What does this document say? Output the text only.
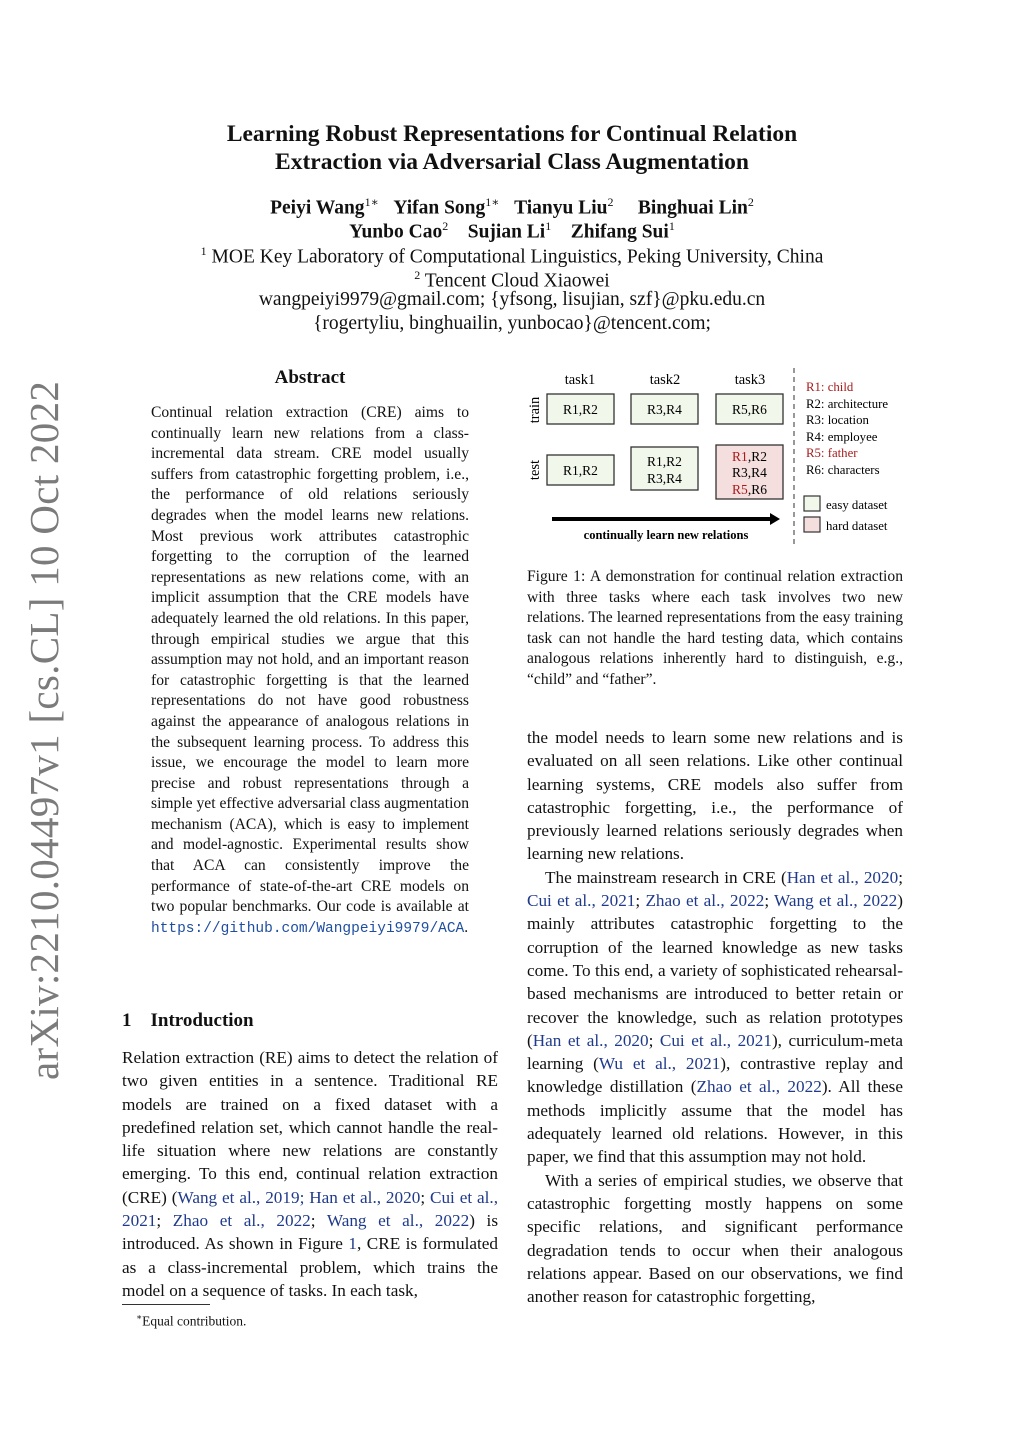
arXiv:2210.04497v1 [cs.CL] 10 Oct 2022
Learning Robust Representations for Continual Relation
Extraction via Adversarial Class Augmentation
Peiyi Wang$^{1∗}$ Yifan Song$^{1∗}$ Tianyu Liu$^2$ Binghuai Lin$^2$
Yunbo Cao$^2$ Sujian Li$^1$ Zhifang Sui$^1$
$^1$ MOE Key Laboratory of Computational Linguistics, Peking University, China
$^2$ Tencent Cloud Xiaowei
wangpeiyi9979@gmail.com; {yfsong, lisujian, szf}@pku.edu.cn
{rogertyliu, binghuailin, yunbocao}@tencent.com;
Abstract
Continual relation extraction (CRE) aims to continually learn new relations from a class-incremental data stream. CRE model usually suffers from catastrophic forgetting problem, i.e., the performance of old relations seriously degrades when the model learns new relations. Most previous work attributes catastrophic forgetting to the corruption of the learned representations as new relations come, with an implicit assumption that the CRE models have adequately learned the old relations. In this paper, through empirical studies we argue that this assumption may not hold, and an important reason for catastrophic forgetting is that the learned representations do not have good robustness against the appearance of analogous relations in the subsequent learning process. To address this issue, we encourage the model to learn more precise and robust representations through a simple yet effective adversarial class augmentation mechanism (ACA), which is easy to implement and model-agnostic. Experimental results show that ACA can consistently improve the performance of state-of-the-art CRE models on two popular benchmarks. Our code is available at https://github.com/Wangpeiyi9979/ACA.
1 Introduction
Relation extraction (RE) aims to detect the relation of two given entities in a sentence. Traditional RE models are trained on a fixed dataset with a predefined relation set, which cannot handle the real-life situation where new relations are constantly emerging. To this end, continual relation extraction (CRE) (Wang et al., 2019; Han et al., 2020; Cui et al., 2021; Zhao et al., 2022; Wang et al., 2022) is introduced. As shown in Figure 1, CRE is formulated as a class-incremental problem, which trains the model on a sequence of tasks. In each task,
∗Equal contribution.
task1	task2	task3
train
test
R1,R2	R3,R4	R5,R6
R1,R2
R1,R2
R3,R4
R1,R2
R3,R4
R5,R6
continually learn new relations
R1: child
R2: architecture
R3: location
R4: employee
R5: father
R6: characters
easy dataset
hard dataset
Figure 1: A demonstration for continual relation extraction with three tasks where each task involves two new relations. The learned representations from the easy training task can not handle the hard testing data, which contains analogous relations inherently hard to distinguish, e.g., “child” and “father”.

the model needs to learn some new relations and is evaluated on all seen relations. Like other continual learning systems, CRE models also suffer from catastrophic forgetting, i.e., the performance of previously learned relations seriously degrades when learning new relations.

The mainstream research in CRE (Han et al., 2020; Cui et al., 2021; Zhao et al., 2022; Wang et al., 2022) mainly attributes catastrophic forgetting to the corruption of the learned knowledge as new tasks come. To this end, a variety of sophisticated rehearsal-based mechanisms are introduced to better retain or recover the knowledge, such as relation prototypes (Han et al., 2020; Cui et al., 2021), curriculum-meta learning (Wu et al., 2021), contrastive replay and knowledge distillation (Zhao et al., 2022). All these methods implicitly assume that the model has adequately learned old relations. However, in this paper, we find that this assumption may not hold.

With a series of empirical studies, we observe that catastrophic forgetting mostly happens on some specific relations, and significant performance degradation tends to occur when their analogous relations appear. Based on our observations, we find another reason for catastrophic forgetting,
